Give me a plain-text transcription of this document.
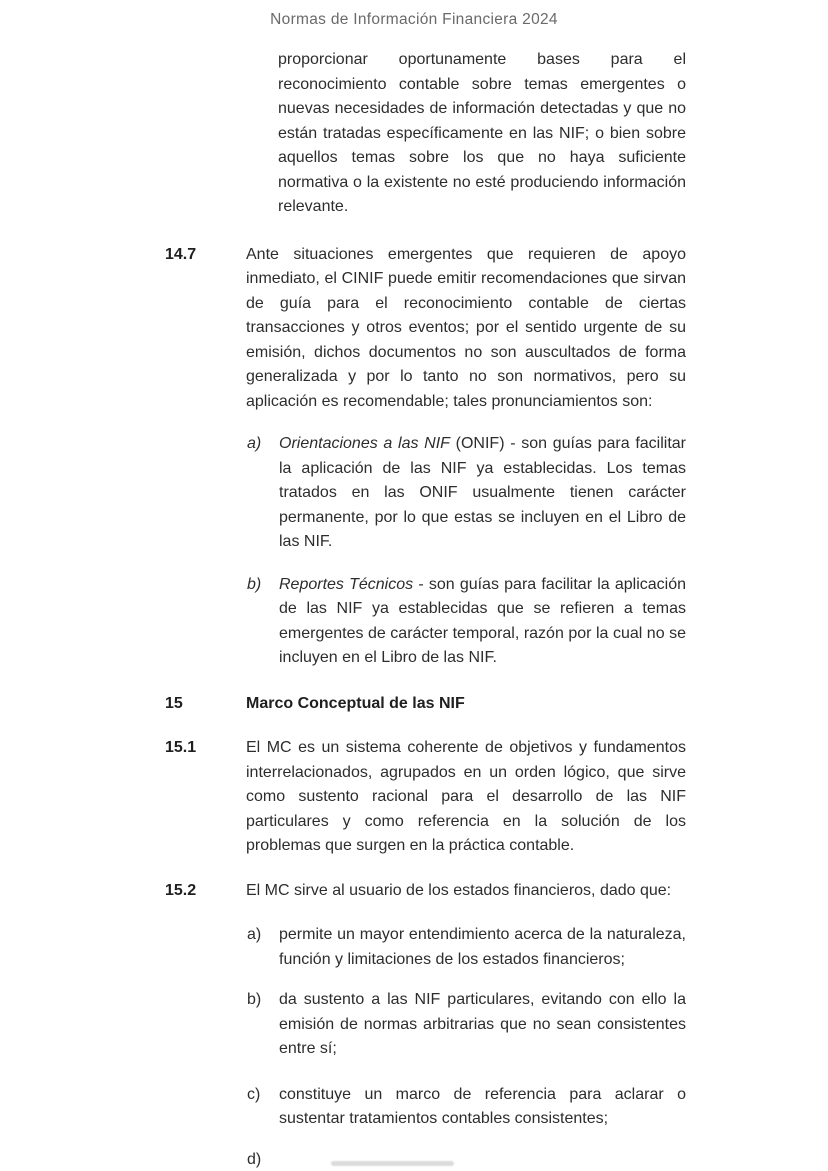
Normas de Información Financiera 2024

proporcionar oportunamente bases para el reconocimiento contable sobre temas emergentes o nuevas necesidades de información detectadas y que no están tratadas específicamente en las NIF; o bien sobre aquellos temas sobre los que no haya suficiente normativa o la existente no esté produciendo información relevante.

14.7	Ante situaciones emergentes que requieren de apoyo inmediato, el CINIF puede emitir recomendaciones que sirvan de guía para el reconocimiento contable de ciertas transacciones y otros eventos; por el sentido urgente de su emisión, dichos documentos no son auscultados de forma generalizada y por lo tanto no son normativos, pero su aplicación es recomendable; tales pronunciamientos son:

a) Orientaciones a las NIF (ONIF) - son guías para facilitar la aplicación de las NIF ya establecidas. Los temas tratados en las ONIF usualmente tienen carácter permanente, por lo que estas se incluyen en el Libro de las NIF.

b) Reportes Técnicos - son guías para facilitar la aplicación de las NIF ya establecidas que se refieren a temas emergentes de carácter temporal, razón por la cual no se incluyen en el Libro de las NIF.

15	Marco Conceptual de las NIF

15.1	El MC es un sistema coherente de objetivos y fundamentos interrelacionados, agrupados en un orden lógico, que sirve como sustento racional para el desarrollo de las NIF particulares y como referencia en la solución de los problemas que surgen en la práctica contable.

15.2	El MC sirve al usuario de los estados financieros, dado que:

a) permite un mayor entendimiento acerca de la naturaleza, función y limitaciones de los estados financieros;

b) da sustento a las NIF particulares, evitando con ello la emisión de normas arbitrarias que no sean consistentes entre sí;

c) constituye un marco de referencia para aclarar o sustentar tratamientos contables consistentes;

d)
